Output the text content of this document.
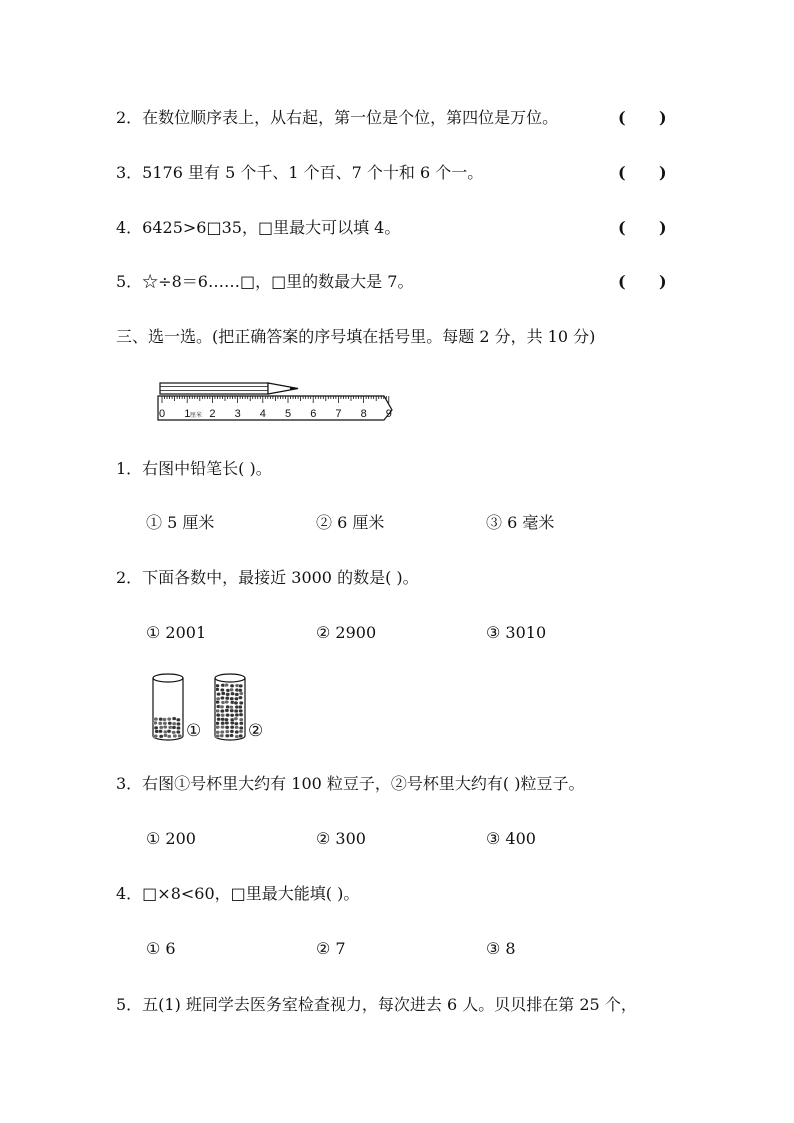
2．在数位顺序表上，从右起，第一位是个位，第四位是万位。	(      )
3．5176 里有 5 个千、1 个百、7 个十和 6 个一。	(      )
4．6425>6□35，□里最大可以填 4。	(      )
5．☆÷8＝6……□，□里的数最大是 7。	(      )
三、选一选。(把正确答案的序号填在括号里。每题 2 分，共 10 分)
0 1 2 3 4 5 6 7 8 9
厘米
1．右图中铅笔长( )。
① 5 厘米	② 6 厘米	③ 6 毫米
2．下面各数中，最接近 3000 的数是( )。
① 2001	② 2900	③ 3010
①	②
3．右图①号杯里大约有 100 粒豆子，②号杯里大约有( )粒豆子。
① 200	② 300	③ 400
4．□×8<60，□里最大能填( )。
① 6	② 7	③ 8
5．五(1) 班同学去医务室检查视力，每次进去 6 人。贝贝排在第 25 个，
